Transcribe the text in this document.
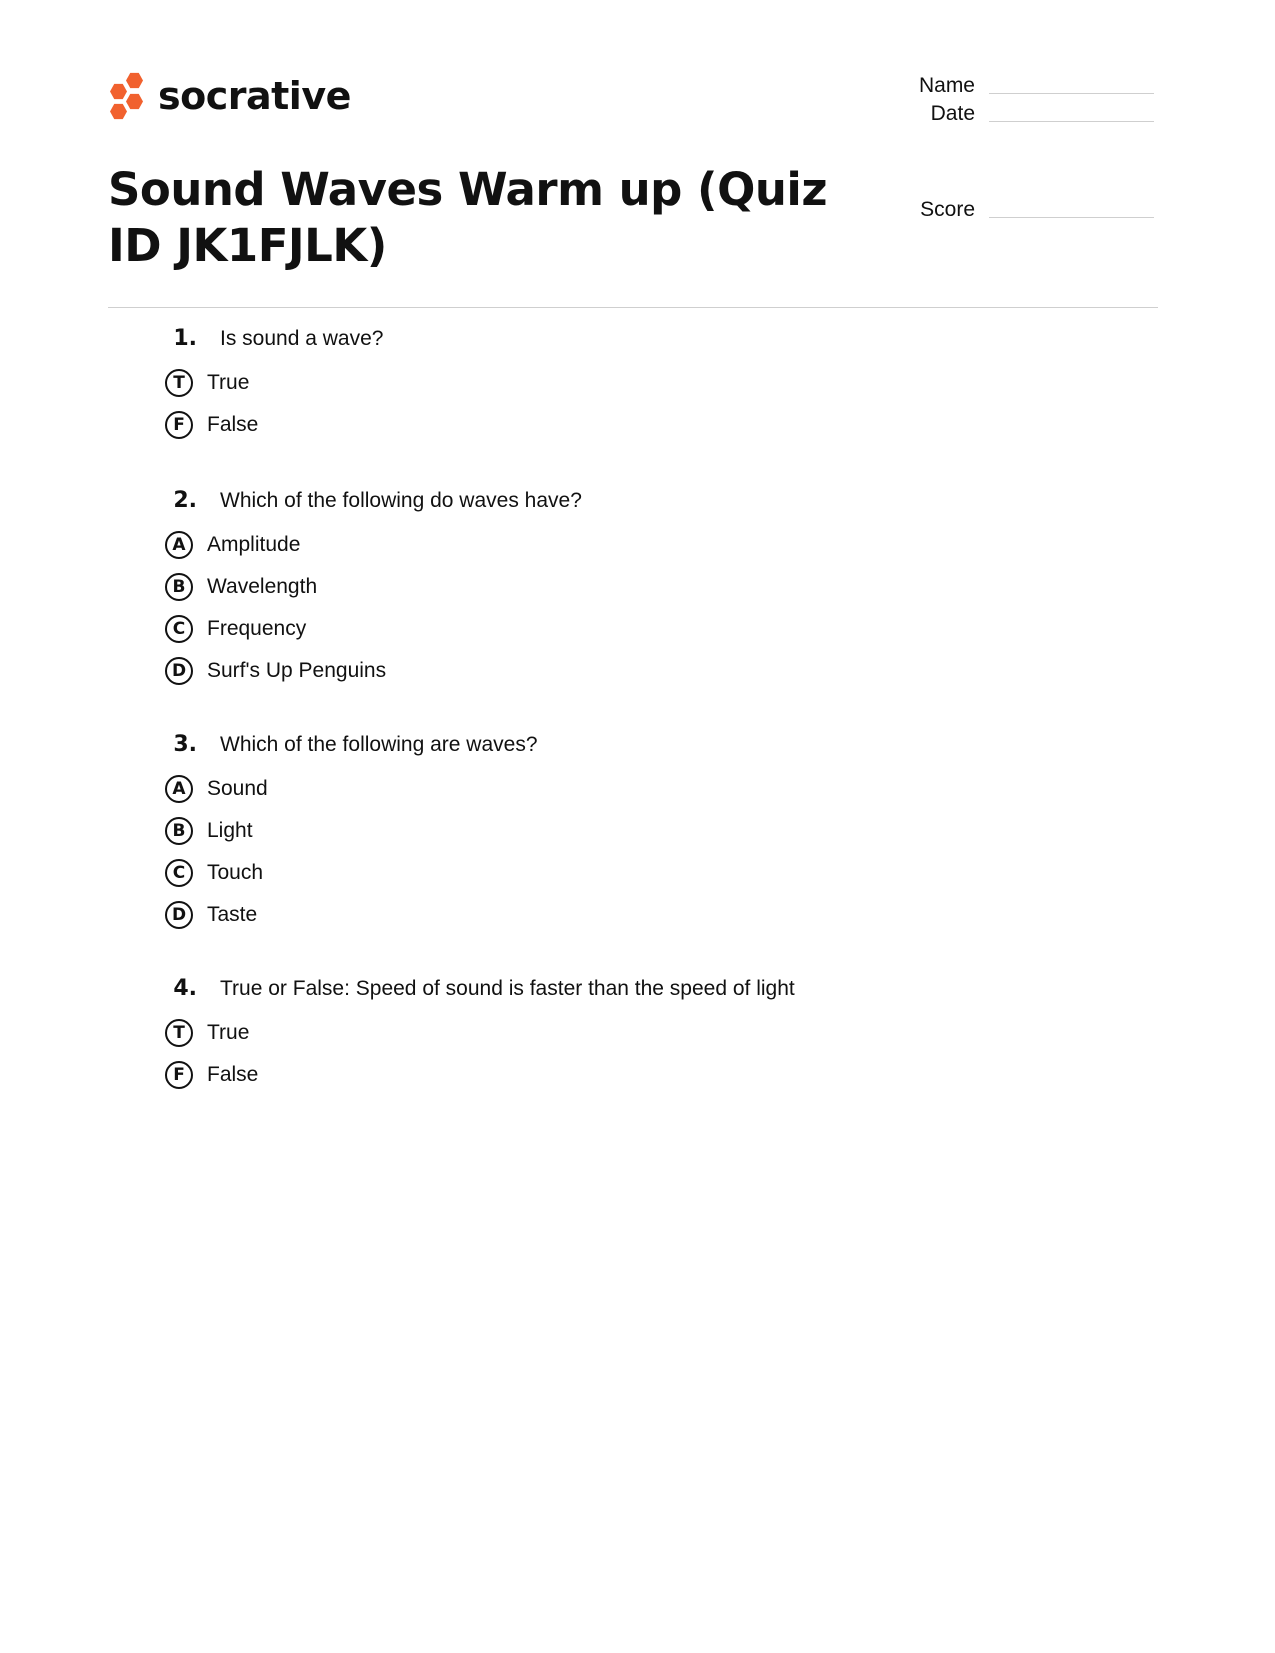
socrative	Name
Date
Score
Sound Waves Warm up (Quiz ID JK1FJLK)
1.	Is sound a wave?
T	True
F	False
2.	Which of the following do waves have?
A	Amplitude
B	Wavelength
C	Frequency
D Surf's Up Penguins
3.	Which of the following are waves?
A	Sound
B	Light
C	Touch
D Taste
4.	True or False: Speed of sound is faster than the speed of light
T	True
F	False
